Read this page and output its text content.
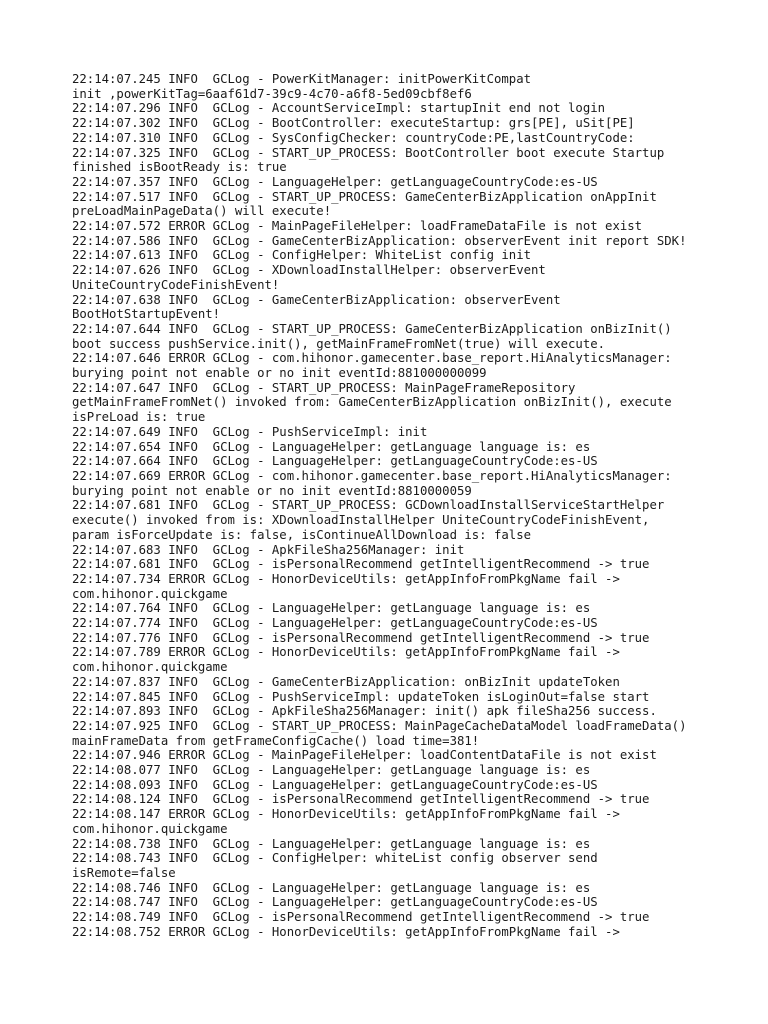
22:14:07.245 INFO  GCLog - PowerKitManager: initPowerKitCompat
init ,powerKitTag=6aaf61d7-39c9-4c70-a6f8-5ed09cbf8ef6
22:14:07.296 INFO  GCLog - AccountServiceImpl: startupInit end not login
22:14:07.302 INFO  GCLog - BootController: executeStartup: grs[PE], uSit[PE]
22:14:07.310 INFO  GCLog - SysConfigChecker: countryCode:PE,lastCountryCode:
22:14:07.325 INFO  GCLog - START_UP_PROCESS: BootController boot execute Startup
finished isBootReady is: true
22:14:07.357 INFO  GCLog - LanguageHelper: getLanguageCountryCode:es-US
22:14:07.517 INFO  GCLog - START_UP_PROCESS: GameCenterBizApplication onAppInit
preLoadMainPageData() will execute!
22:14:07.572 ERROR GCLog - MainPageFileHelper: loadFrameDataFile is not exist
22:14:07.586 INFO  GCLog - GameCenterBizApplication: observerEvent init report SDK!
22:14:07.613 INFO  GCLog - ConfigHelper: WhiteList config init
22:14:07.626 INFO  GCLog - XDownloadInstallHelper: observerEvent
UniteCountryCodeFinishEvent!
22:14:07.638 INFO  GCLog - GameCenterBizApplication: observerEvent
BootHotStartupEvent!
22:14:07.644 INFO  GCLog - START_UP_PROCESS: GameCenterBizApplication onBizInit()
boot success pushService.init(), getMainFrameFromNet(true) will execute.
22:14:07.646 ERROR GCLog - com.hihonor.gamecenter.base_report.HiAnalyticsManager:
burying point not enable or no init eventId:881000000099
22:14:07.647 INFO  GCLog - START_UP_PROCESS: MainPageFrameRepository
getMainFrameFromNet() invoked from: GameCenterBizApplication onBizInit(), execute
isPreLoad is: true
22:14:07.649 INFO  GCLog - PushServiceImpl: init
22:14:07.654 INFO  GCLog - LanguageHelper: getLanguage language is: es
22:14:07.664 INFO  GCLog - LanguageHelper: getLanguageCountryCode:es-US
22:14:07.669 ERROR GCLog - com.hihonor.gamecenter.base_report.HiAnalyticsManager:
burying point not enable or no init eventId:8810000059
22:14:07.681 INFO  GCLog - START_UP_PROCESS: GCDownloadInstallServiceStartHelper
execute() invoked from is: XDownloadInstallHelper UniteCountryCodeFinishEvent,
param isForceUpdate is: false, isContinueAllDownload is: false
22:14:07.683 INFO  GCLog - ApkFileSha256Manager: init
22:14:07.681 INFO  GCLog - isPersonalRecommend getIntelligentRecommend -> true
22:14:07.734 ERROR GCLog - HonorDeviceUtils: getAppInfoFromPkgName fail ->
com.hihonor.quickgame
22:14:07.764 INFO  GCLog - LanguageHelper: getLanguage language is: es
22:14:07.774 INFO  GCLog - LanguageHelper: getLanguageCountryCode:es-US
22:14:07.776 INFO  GCLog - isPersonalRecommend getIntelligentRecommend -> true
22:14:07.789 ERROR GCLog - HonorDeviceUtils: getAppInfoFromPkgName fail ->
com.hihonor.quickgame
22:14:07.837 INFO  GCLog - GameCenterBizApplication: onBizInit updateToken
22:14:07.845 INFO  GCLog - PushServiceImpl: updateToken isLoginOut=false start
22:14:07.893 INFO  GCLog - ApkFileSha256Manager: init() apk fileSha256 success.
22:14:07.925 INFO  GCLog - START_UP_PROCESS: MainPageCacheDataModel loadFrameData()
mainFrameData from getFrameConfigCache() load time=381!
22:14:07.946 ERROR GCLog - MainPageFileHelper: loadContentDataFile is not exist
22:14:08.077 INFO  GCLog - LanguageHelper: getLanguage language is: es
22:14:08.093 INFO  GCLog - LanguageHelper: getLanguageCountryCode:es-US
22:14:08.124 INFO  GCLog - isPersonalRecommend getIntelligentRecommend -> true
22:14:08.147 ERROR GCLog - HonorDeviceUtils: getAppInfoFromPkgName fail ->
com.hihonor.quickgame
22:14:08.738 INFO  GCLog - LanguageHelper: getLanguage language is: es
22:14:08.743 INFO  GCLog - ConfigHelper: whiteList config observer send
isRemote=false
22:14:08.746 INFO  GCLog - LanguageHelper: getLanguage language is: es
22:14:08.747 INFO  GCLog - LanguageHelper: getLanguageCountryCode:es-US
22:14:08.749 INFO  GCLog - isPersonalRecommend getIntelligentRecommend -> true
22:14:08.752 ERROR GCLog - HonorDeviceUtils: getAppInfoFromPkgName fail ->
